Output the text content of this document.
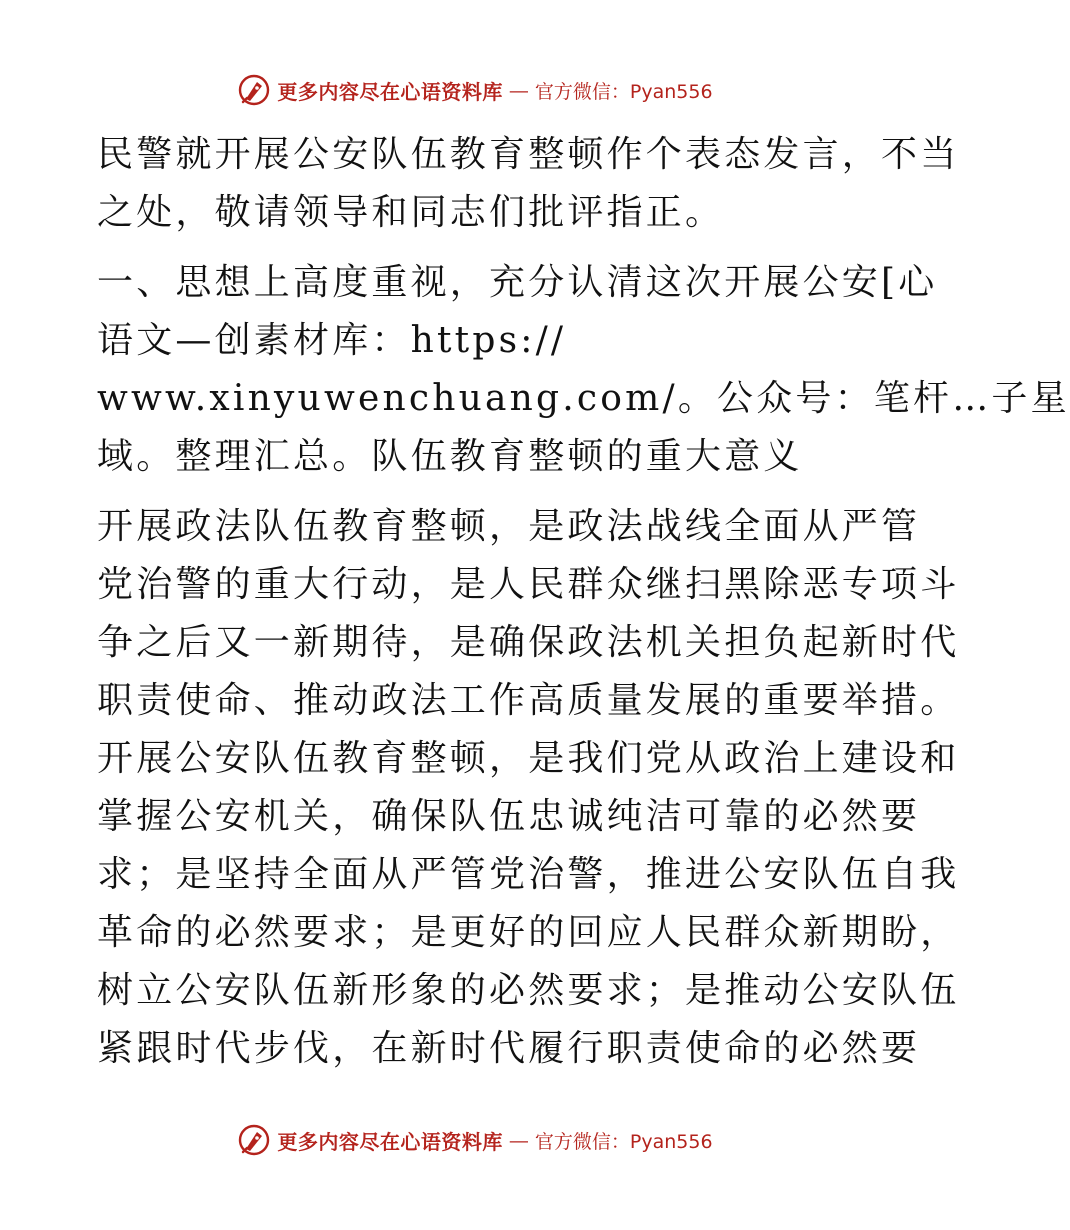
更多内容尽在心语资料库 — 官方微信：Pyan556

民警就开展公安队伍教育整顿作个表态发言，不当
之处，敬请领导和同志们批评指正。

一、思想上高度重视，充分认清这次开展公安[心
语文—创素材库：https://
www.xinyuwenchuang.com/。公众号：笔杆…子星
域。整理汇总。队伍教育整顿的重大意义

开展政法队伍教育整顿，是政法战线全面从严管
党治警的重大行动，是人民群众继扫黑除恶专项斗
争之后又一新期待，是确保政法机关担负起新时代
职责使命、推动政法工作高质量发展的重要举措。
开展公安队伍教育整顿，是我们党从政治上建设和
掌握公安机关，确保队伍忠诚纯洁可靠的必然要
求；是坚持全面从严管党治警，推进公安队伍自我
革命的必然要求；是更好的回应人民群众新期盼，
树立公安队伍新形象的必然要求；是推动公安队伍
紧跟时代步伐，在新时代履行职责使命的必然要

更多内容尽在心语资料库 — 官方微信：Pyan556
